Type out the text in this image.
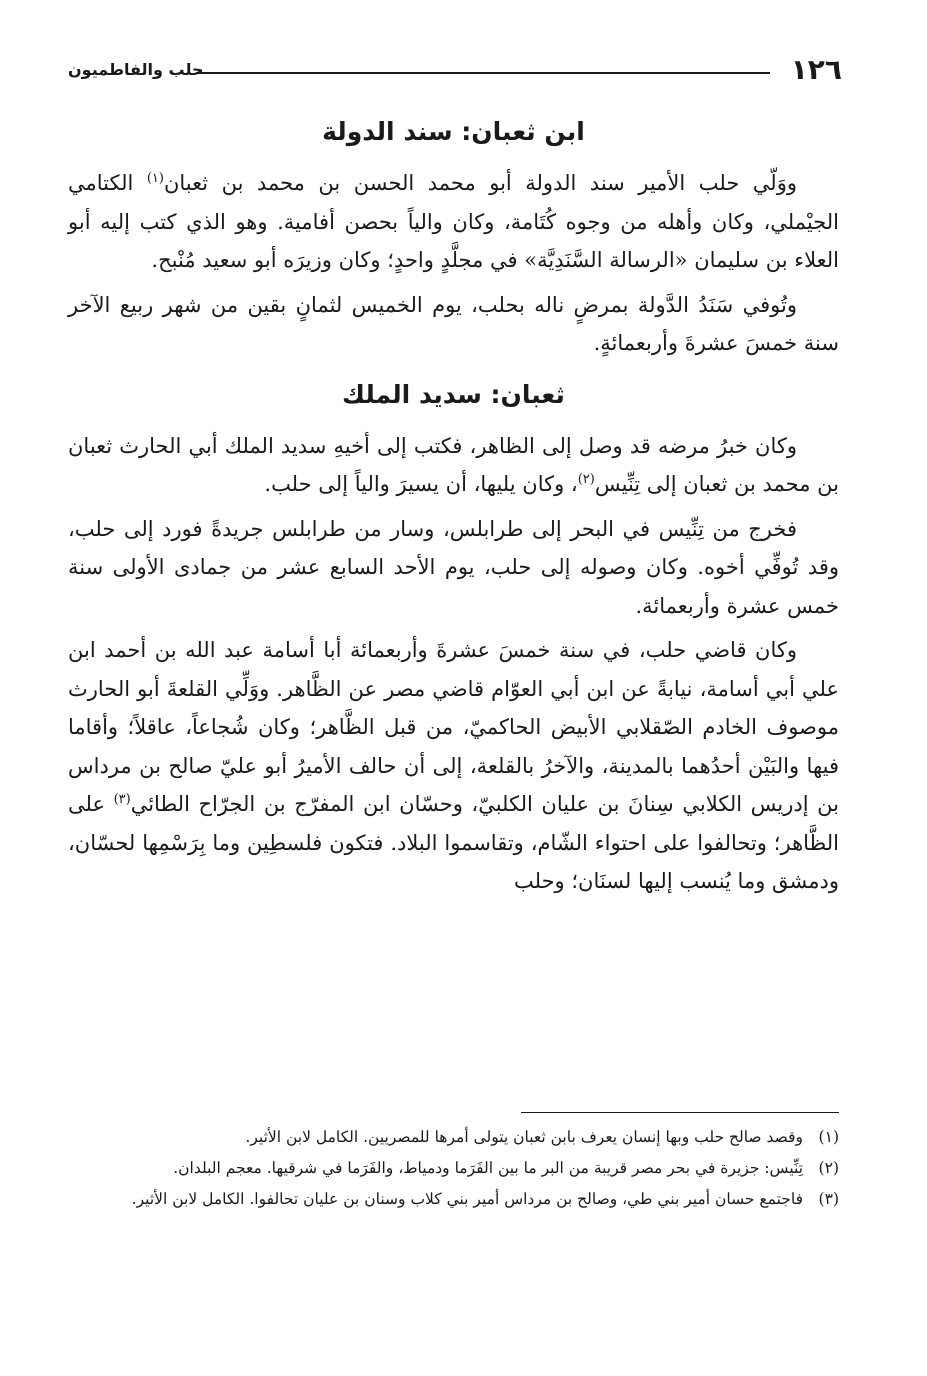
١٢٦
حلب والفاطميون
ابن ثعبان: سند الدولة

ووَلّي حلب الأمير سند الدولة أبو محمد الحسن بن محمد بن ثعبان$^{(١)}$ الكتامي الجيْملي، وكان وأهله من وجوه كُتَامة، وكان والياً بحصن أفامية. وهو الذي كتب إليه أبو العلاء بن سليمان «الرسالة السَّنَدِيَّة» في مجلَّدٍ واحدٍ؛ وكان وزيرَه أبو سعيد مُنْبح.

وتُوفي سَنَدُ الدَّولة بمرضٍ ناله بحلب، يوم الخميس لثمانٍ بقين من شهر ربيع الآخر سنة خمسَ عشرةَ وأربعمائةٍ.

ثعبان: سديد الملك

وكان خبرُ مرضه قد وصل إلى الظاهر، فكتب إلى أخيهِ سديد الملك أبي الحارث ثعبان بن محمد بن ثعبان إلى تِنِّيس$^{(٢)}$، وكان يليها، أن يسيرَ والياً إلى حلب.

فخرج من تِنِّيس في البحر إلى طرابلس، وسار من طرابلس جريدةً فورد إلى حلب، وقد تُوفِّي أخوه. وكان وصوله إلى حلب، يوم الأحد السابع عشر من جمادى الأولى سنة خمس عشرة وأربعمائة.

وكان قاضي حلب، في سنة خمسَ عشرةَ وأربعمائة أبا أسامة عبد الله بن أحمد ابن علي أبي أسامة، نيابةً عن ابن أبي العوّام قاضي مصر عن الظَّاهر. ووَلِّي القلعةَ أبو الحارث موصوف الخادم الصّقلابي الأبيض الحاكميّ، من قبل الظَّاهر؛ وكان شُجاعاً، عاقلاً؛ وأقاما فيها والبَيْن أحدُهما بالمدينة، والآخرُ بالقلعة، إلى أن حالف الأميرُ أبو عليّ صالح بن مرداس بن إدريس الكلابي سِنانَ بن عليان الكلبيّ، وحسّان ابن المفرّج بن الجرّاح الطائي$^{(٣)}$ على الظَّاهر؛ وتحالفوا على احتواء الشّام، وتقاسموا البلاد. فتكون فلسطِين وما بِرَسْمِها لحسّان، ودمشق وما يُنسب إليها لسنَان؛ وحلب

(١)
وقصد صالح حلب وبها إنسان يعرف بابن ثعبان يتولى أمرها للمصريين. الكامل لابن الأثير.

(٢)
تِنِّيس: جزيرة في بحر مصر قريبة من البر ما بين الفَرَما ودمياط، والفَرَما في شرقيها. معجم البلدان.

(٣)
فاجتمع حسان أمير بني طي، وصالح بن مرداس أمير بني كلاب وسنان بن عليان تحالفوا. الكامل لابن الأثير.
